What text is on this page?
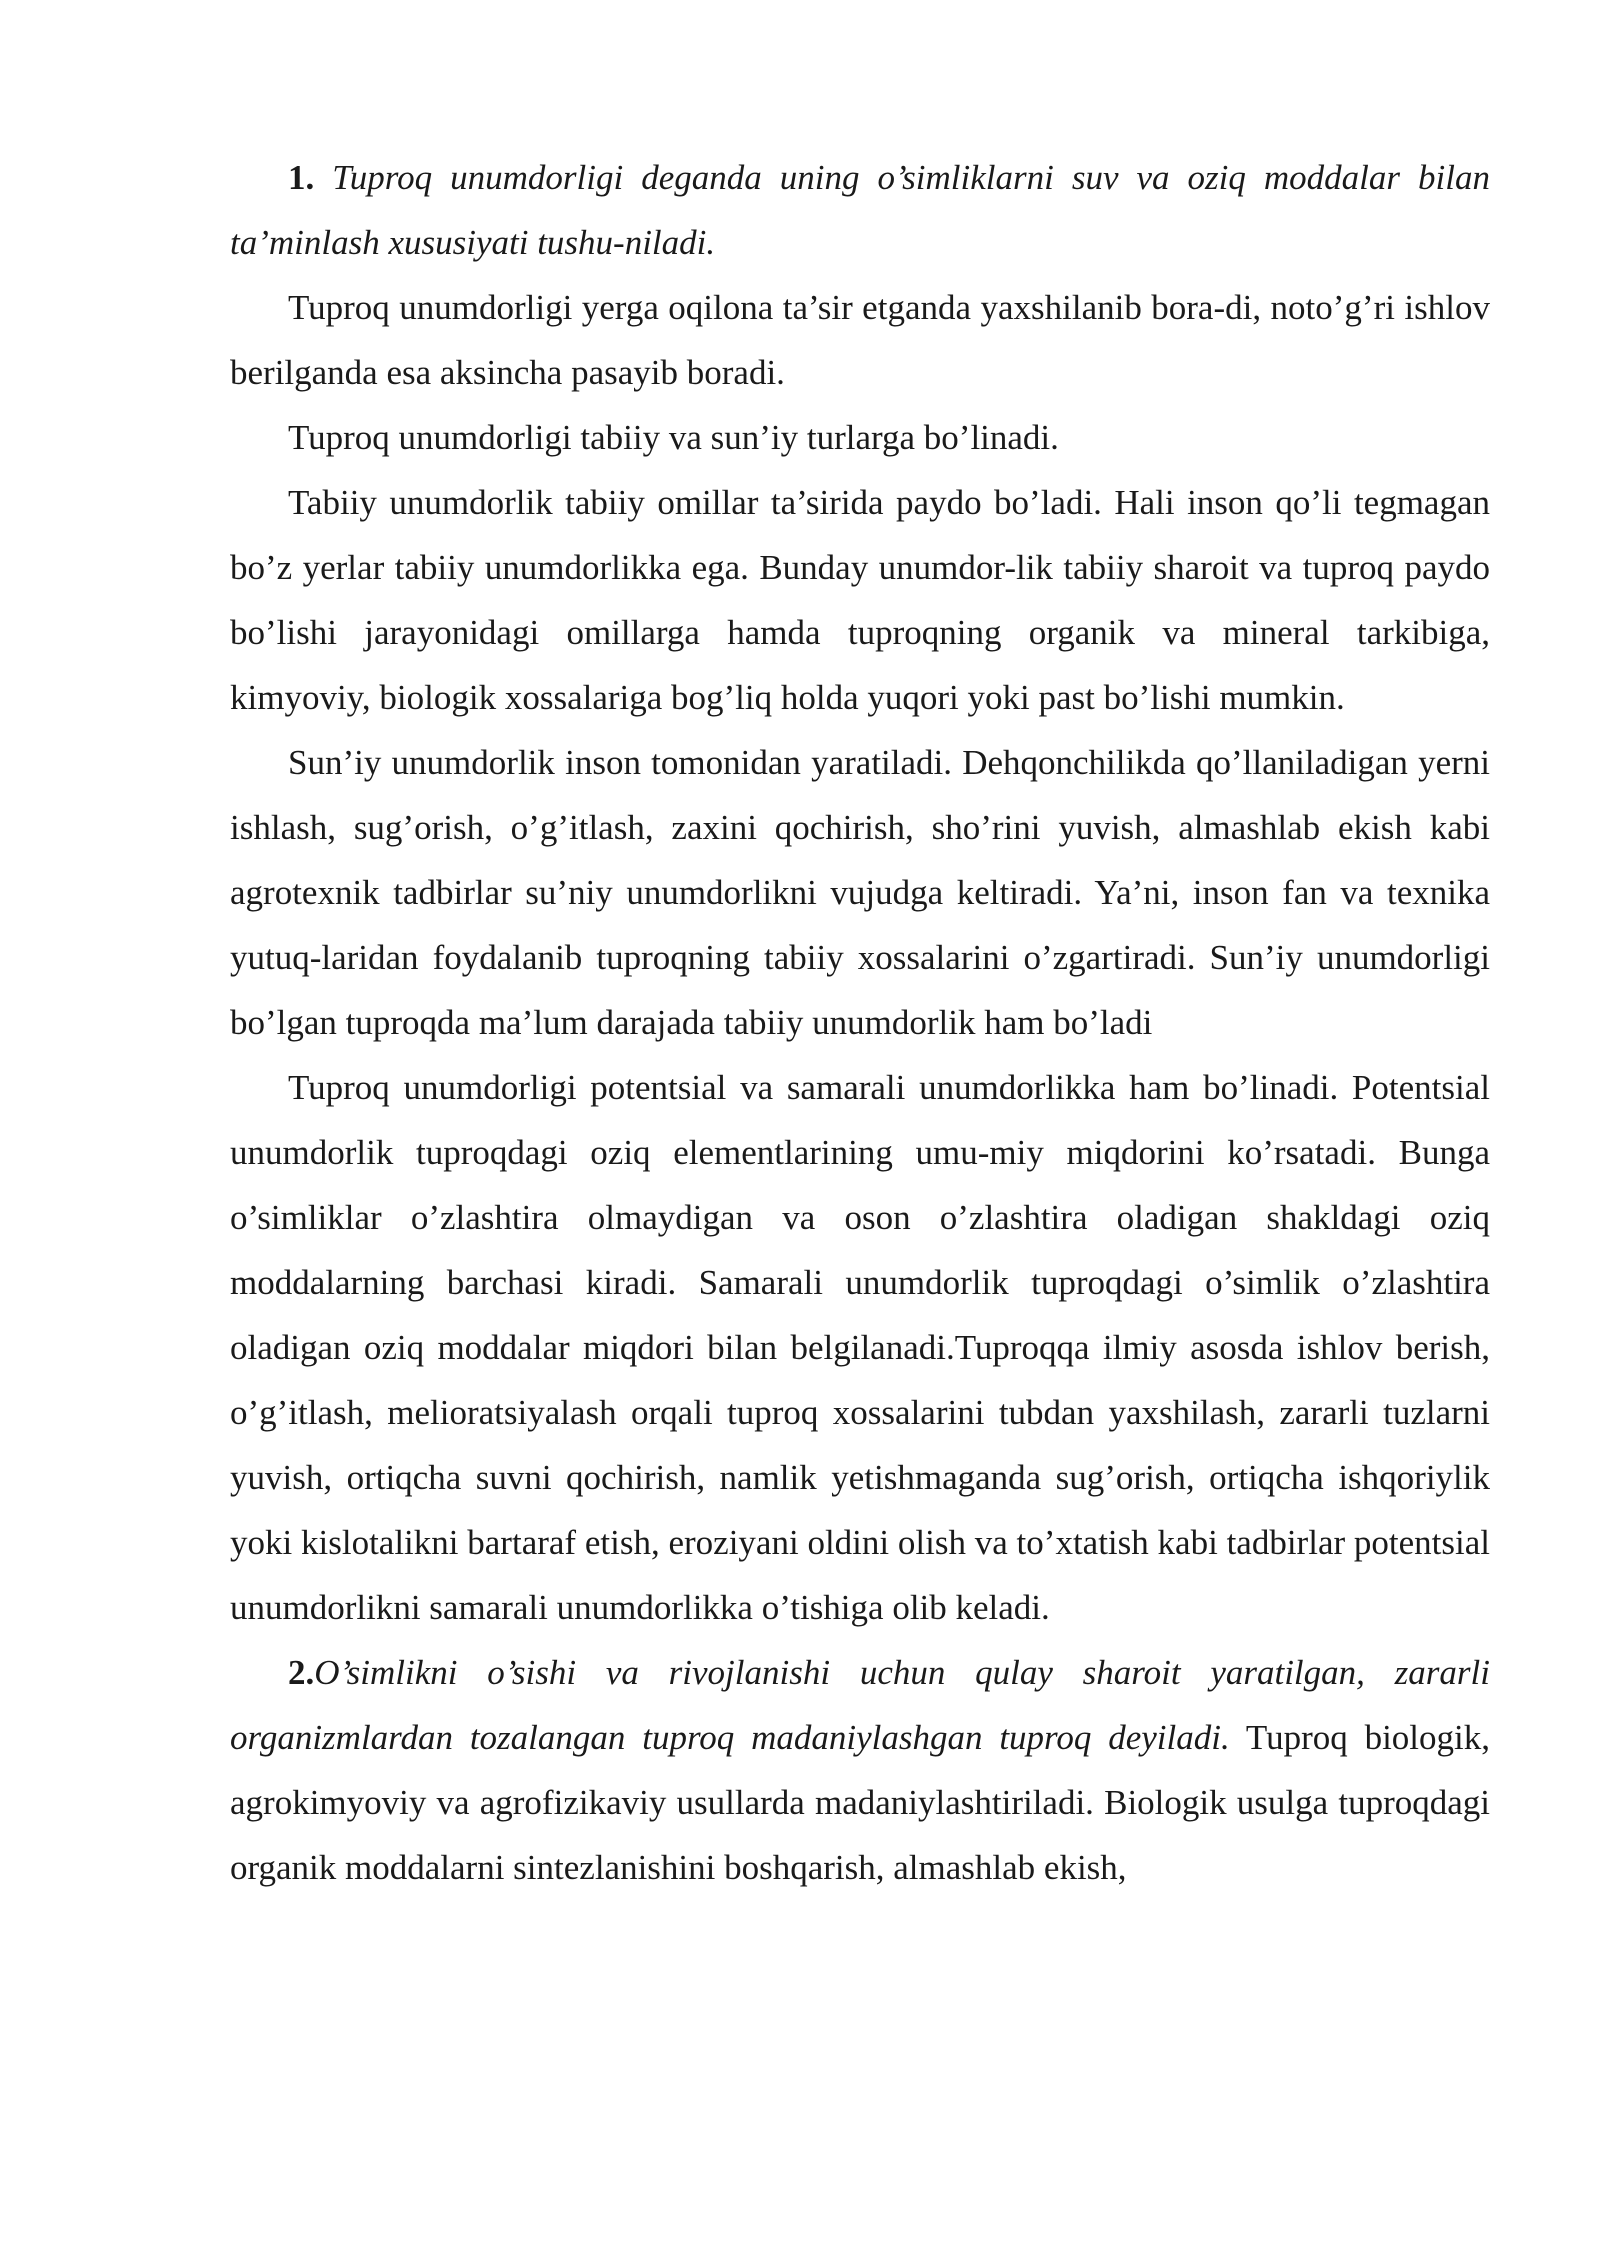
1. Tuproq unumdorligi deganda uning o’simliklarni suv va oziq moddalar bilan ta’minlash xususiyati tushu-niladi.

Tuproq unumdorligi yerga oqilona ta’sir etganda yaxshilanib bora-di, noto’g’ri ishlov berilganda esa aksincha pasayib boradi.

Tuproq unumdorligi tabiiy va sun’iy turlarga bo’linadi.

Tabiiy unumdorlik tabiiy omillar ta’sirida paydo bo’ladi. Hali inson qo’li tegmagan bo’z yerlar tabiiy unumdorlikka ega. Bunday unumdor-lik tabiiy sharoit va tuproq paydo bo’lishi jarayonidagi omillarga hamda tuproqning organik va mineral tarkibiga, kimyoviy, biologik xossalariga bog’liq holda yuqori yoki past bo’lishi mumkin.

Sun’iy unumdorlik inson tomonidan yaratiladi. Dehqonchilikda qo’llaniladigan yerni ishlash, sug’orish, o’g’itlash, zaxini qochirish, sho’rini yuvish, almashlab ekish kabi agrotexnik tadbirlar su’niy unumdorlikni vujudga keltiradi. Ya’ni, inson fan va texnika yutuq-laridan foydalanib tuproqning tabiiy xossalarini o’zgartiradi. Sun’iy unumdorligi bo’lgan tuproqda ma’lum darajada tabiiy unumdorlik ham bo’ladi

Tuproq unumdorligi potentsial va samarali unumdorlikka ham bo’linadi. Potentsial unumdorlik tuproqdagi oziq elementlarining umu-miy miqdorini ko’rsatadi. Bunga o’simliklar o’zlashtira olmaydigan va oson o’zlashtira oladigan shakldagi oziq moddalarning barchasi kiradi. Samarali unumdorlik tuproqdagi o’simlik o’zlashtira oladigan oziq moddalar miqdori bilan belgilanadi.Tuproqqa ilmiy asosda ishlov berish, o’g’itlash, melioratsiyalash orqali tuproq xossalarini tubdan yaxshilash, zararli tuzlarni yuvish, ortiqcha suvni qochirish, namlik yetishmaganda sug’orish, ortiqcha ishqoriylik yoki kislotalikni bartaraf etish, eroziyani oldini olish va to’xtatish kabi tadbirlar potentsial unumdorlikni samarali unumdorlikka o’tishiga olib keladi.

2.O’simlikni o’sishi va rivojlanishi uchun qulay sharoit yaratilgan, zararli organizmlardan tozalangan tuproq madaniylashgan tuproq deyiladi. Tuproq biologik, agrokimyoviy va agrofizikaviy usullarda madaniylashtiriladi. Biologik usulga tuproqdagi organik moddalarni sintezlanishini boshqarish, almashlab ekish,
